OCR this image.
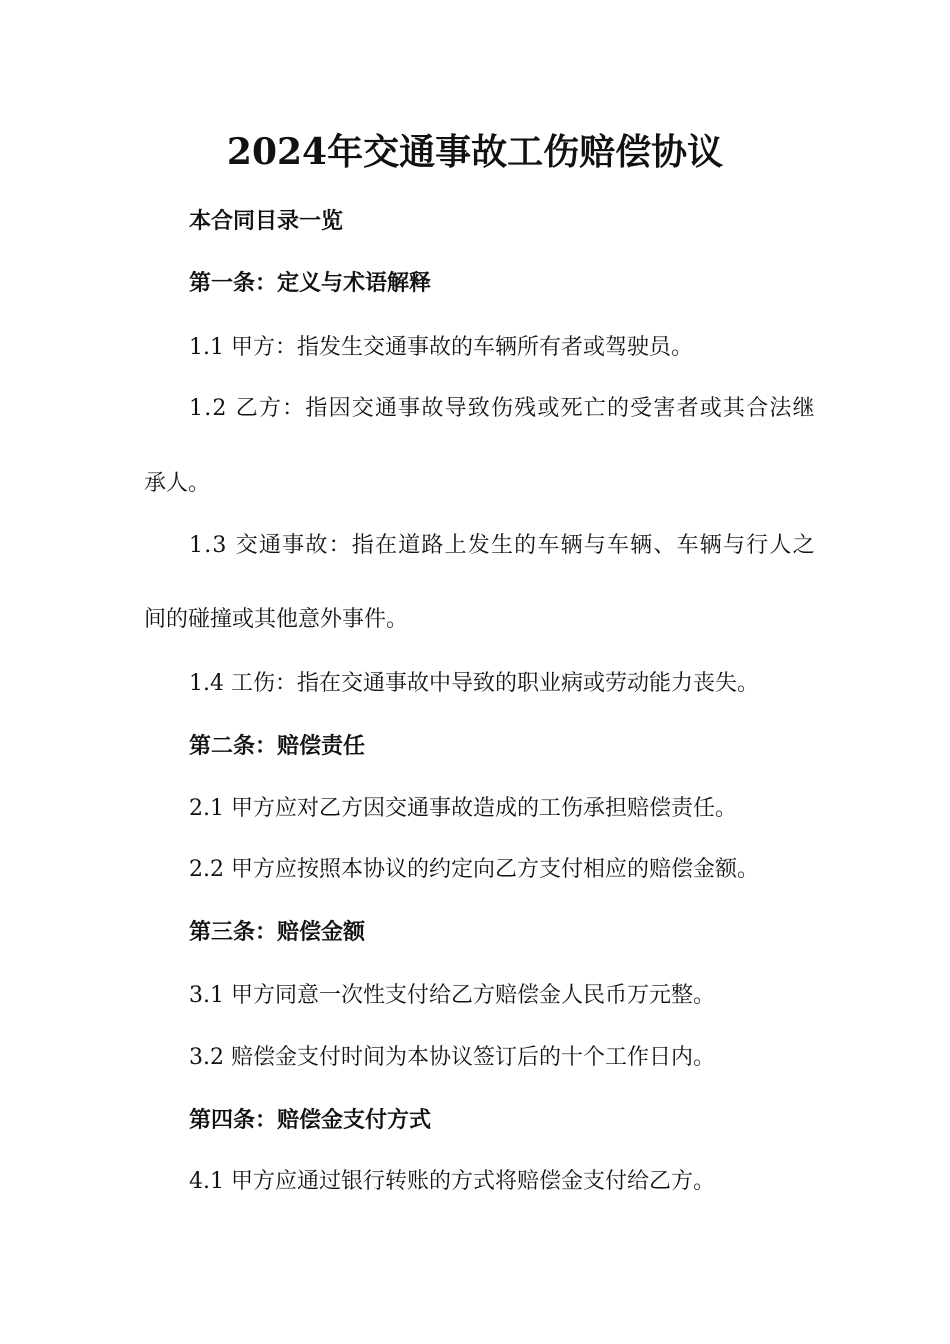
2024年交通事故工伤赔偿协议
本合同目录一览
第一条：定义与术语解释
1.1 甲方：指发生交通事故的车辆所有者或驾驶员。
1.2 乙方：指因交通事故导致伤残或死亡的受害者或其合法继
承人。
1.3 交通事故：指在道路上发生的车辆与车辆、车辆与行人之
间的碰撞或其他意外事件。
1.4 工伤：指在交通事故中导致的职业病或劳动能力丧失。
第二条：赔偿责任
2.1 甲方应对乙方因交通事故造成的工伤承担赔偿责任。
2.2 甲方应按照本协议的约定向乙方支付相应的赔偿金额。
第三条：赔偿金额
3.1 甲方同意一次性支付给乙方赔偿金人民币万元整。
3.2 赔偿金支付时间为本协议签订后的十个工作日内。
第四条：赔偿金支付方式
4.1 甲方应通过银行转账的方式将赔偿金支付给乙方。
